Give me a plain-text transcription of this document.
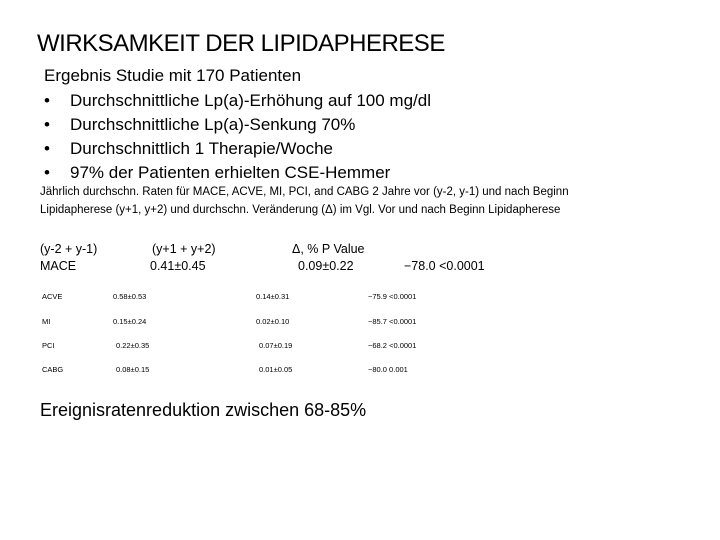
WIRKSAMKEIT DER LIPIDAPHERESE
Ergebnis Studie mit 170 Patienten
•	Durchschnittliche Lp(a)-Erhöhung auf 100 mg/dl
•	Durchschnittliche Lp(a)-Senkung 70%
•	Durchschnittlich 1 Therapie/Woche
•	97% der Patienten erhielten CSE-Hemmer
Jährlich durchschn. Raten für MACE, ACVE, MI, PCI, and CABG 2 Jahre vor (y-2, y-1) und nach Beginn
Lipidapherese (y+1, y+2) und durchschn. Veränderung (Δ) im Vgl. Vor und nach Beginn Lipidapherese
(y-2 + y-1)	(y+1 + y+2)	Δ, % P Value
MACE	0.41±0.45	0.09±0.22	−78.0 <0.0001
ACVE	0.58±0.53	0.14±0.31	−75.9 <0.0001
MI	0.15±0.24	0.02±0.10	−85.7 <0.0001
PCI	0.22±0.35	0.07±0.19	−68.2 <0.0001
CABG	0.08±0.15	0.01±0.05	−80.0 0.001
Ereignisratenreduktion zwischen 68-85%
